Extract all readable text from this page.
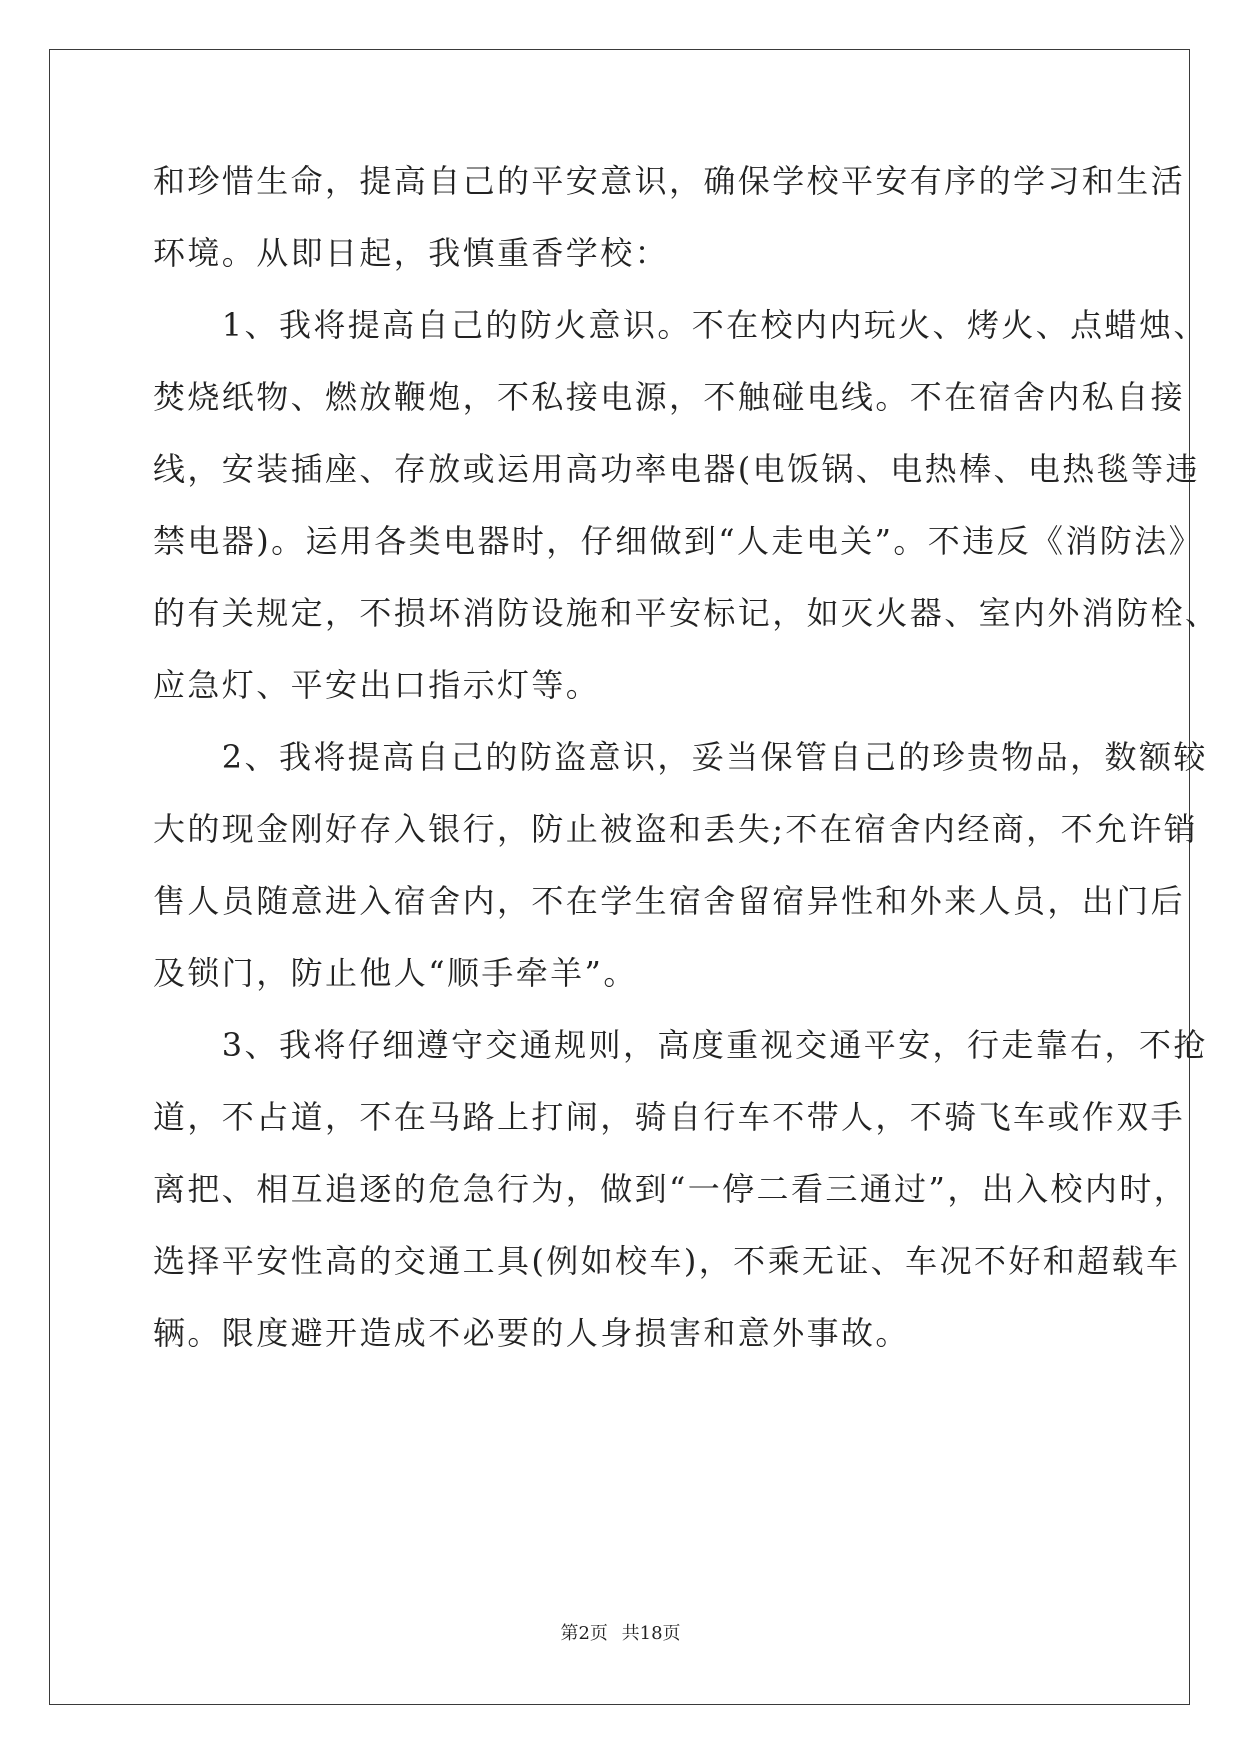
和珍惜生命，提高自己的平安意识，确保学校平安有序的学习和生活
环境。从即日起，我慎重香学校：
　　1、我将提高自己的防火意识。不在校内内玩火、烤火、点蜡烛、
焚烧纸物、燃放鞭炮，不私接电源，不触碰电线。不在宿舍内私自接
线，安装插座、存放或运用高功率电器(电饭锅、电热棒、电热毯等违
禁电器)。运用各类电器时，仔细做到“人走电关”。不违反《消防法》
的有关规定，不损坏消防设施和平安标记，如灭火器、室内外消防栓、
应急灯、平安出口指示灯等。
　　2、我将提高自己的防盗意识，妥当保管自己的珍贵物品，数额较
大的现金刚好存入银行，防止被盗和丢失;不在宿舍内经商，不允许销
售人员随意进入宿舍内，不在学生宿舍留宿异性和外来人员，出门后
及锁门，防止他人“顺手牵羊”。
　　3、我将仔细遵守交通规则，高度重视交通平安，行走靠右，不抢
道，不占道，不在马路上打闹，骑自行车不带人，不骑飞车或作双手
离把、相互追逐的危急行为，做到“一停二看三通过”，出入校内时，
选择平安性高的交通工具(例如校车)，不乘无证、车况不好和超载车
辆。限度避开造成不必要的人身损害和意外事故。
第2页 共18页
